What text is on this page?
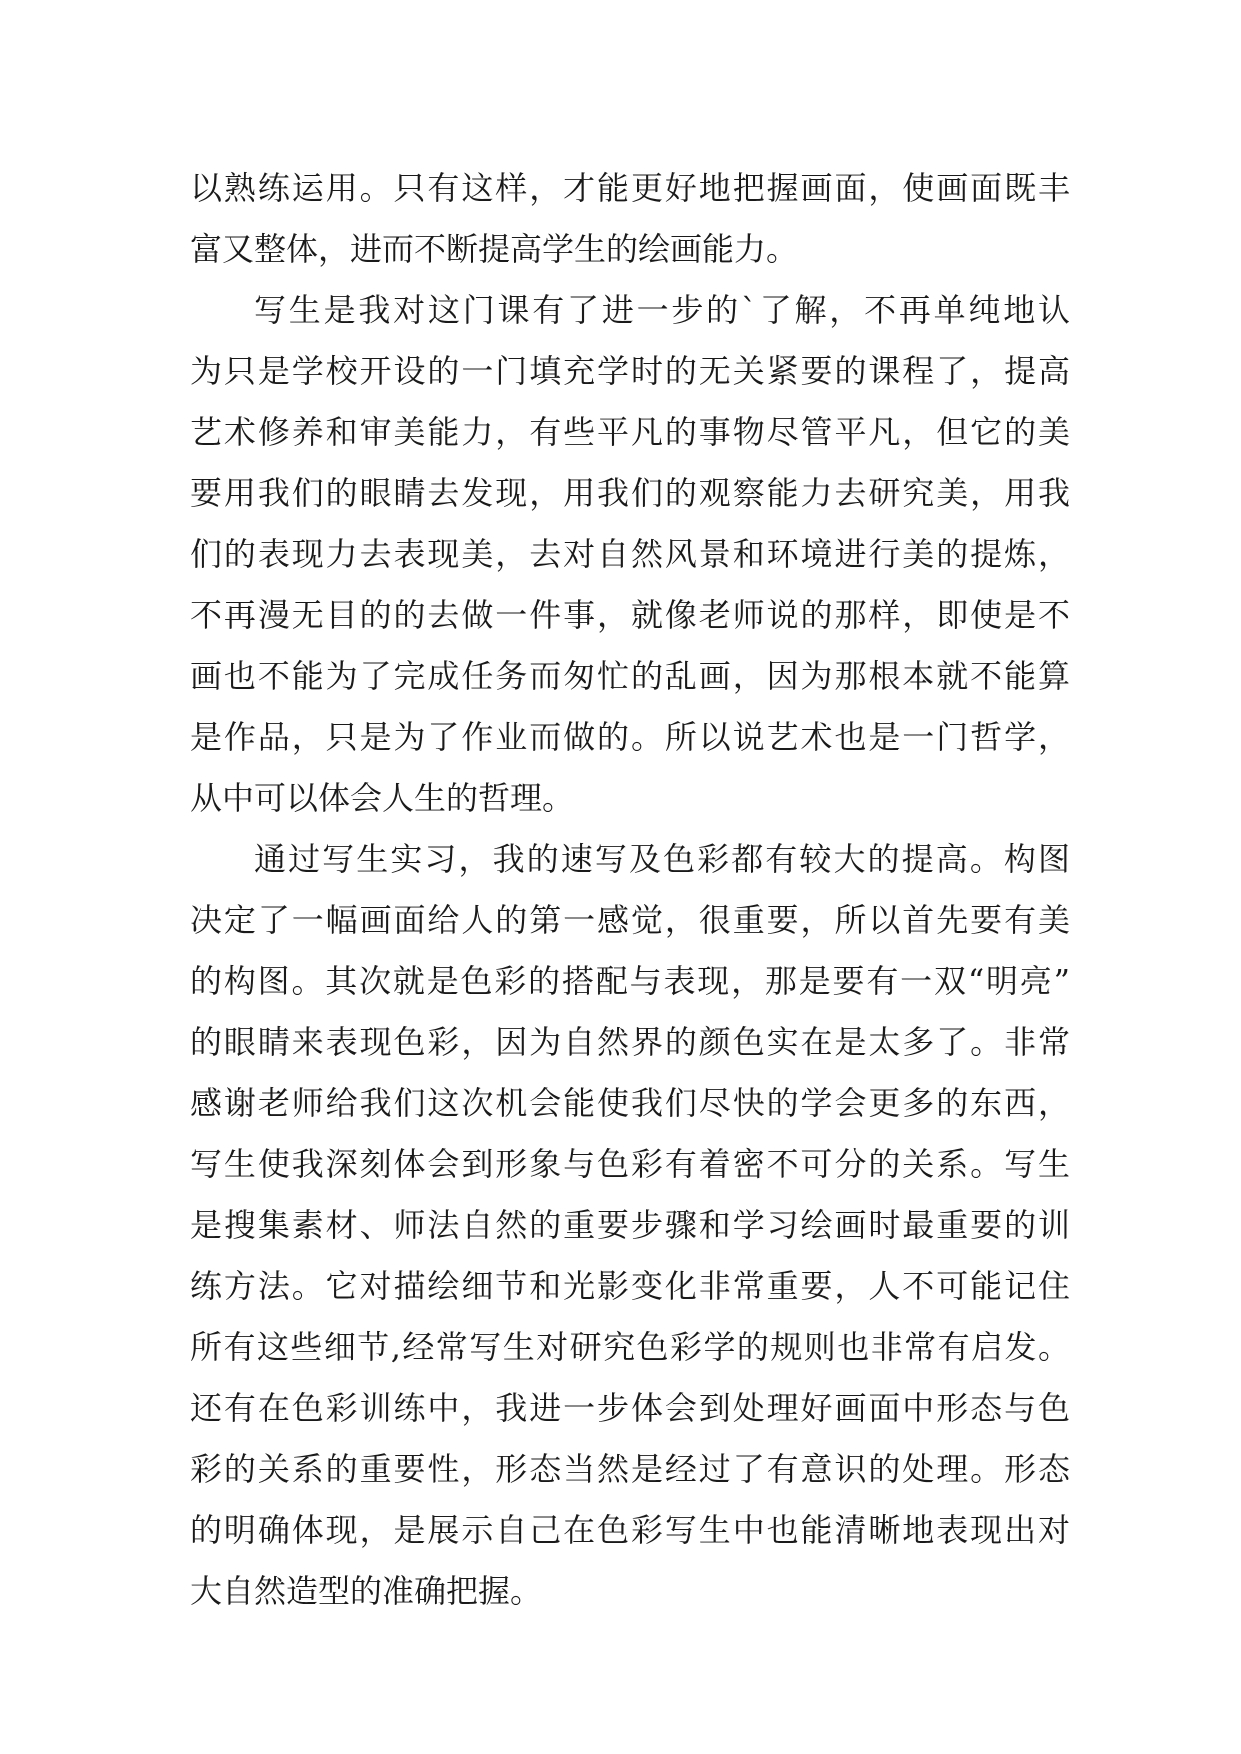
以熟练运用。只有这样，才能更好地把握画面，使画面既丰
富又整体，进而不断提高学生的绘画能力。
写生是我对这门课有了进一步的`了解，不再单纯地认
为只是学校开设的一门填充学时的无关紧要的课程了，提高
艺术修养和审美能力，有些平凡的事物尽管平凡，但它的美
要用我们的眼睛去发现，用我们的观察能力去研究美，用我
们的表现力去表现美，去对自然风景和环境进行美的提炼，
不再漫无目的的去做一件事，就像老师说的那样，即使是不
画也不能为了完成任务而匆忙的乱画，因为那根本就不能算
是作品，只是为了作业而做的。所以说艺术也是一门哲学，
从中可以体会人生的哲理。
通过写生实习，我的速写及色彩都有较大的提高。构图
决定了一幅画面给人的第一感觉，很重要，所以首先要有美
的构图。其次就是色彩的搭配与表现，那是要有一双“明亮”
的眼睛来表现色彩，因为自然界的颜色实在是太多了。非常
感谢老师给我们这次机会能使我们尽快的学会更多的东西，
写生使我深刻体会到形象与色彩有着密不可分的关系。写生
是搜集素材、师法自然的重要步骤和学习绘画时最重要的训
练方法。它对描绘细节和光影变化非常重要，人不可能记住
所有这些细节,经常写生对研究色彩学的规则也非常有启发。
还有在色彩训练中，我进一步体会到处理好画面中形态与色
彩的关系的重要性，形态当然是经过了有意识的处理。形态
的明确体现，是展示自己在色彩写生中也能清晰地表现出对
大自然造型的准确把握。
